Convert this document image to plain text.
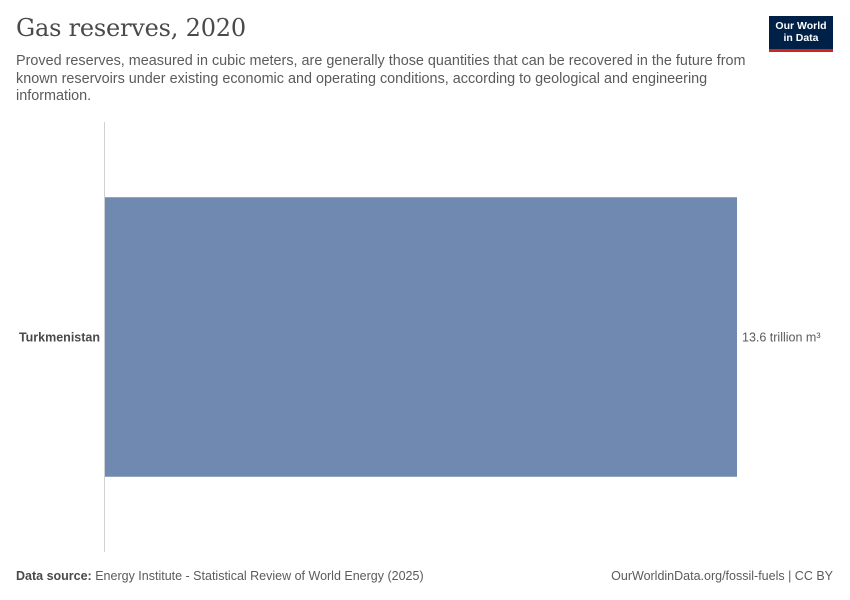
Gas reserves, 2020

Proved reserves, measured in cubic meters, are generally those quantities that can be recovered in the future from known reservoirs under existing economic and operating conditions, according to geological and engineering information.

Our World
in Data
Turkmenistan	13.6 trillion m³
Data source: Energy Institute - Statistical Review of World Energy (2025)	OurWorldinData.org/fossil-fuels | CC BY
